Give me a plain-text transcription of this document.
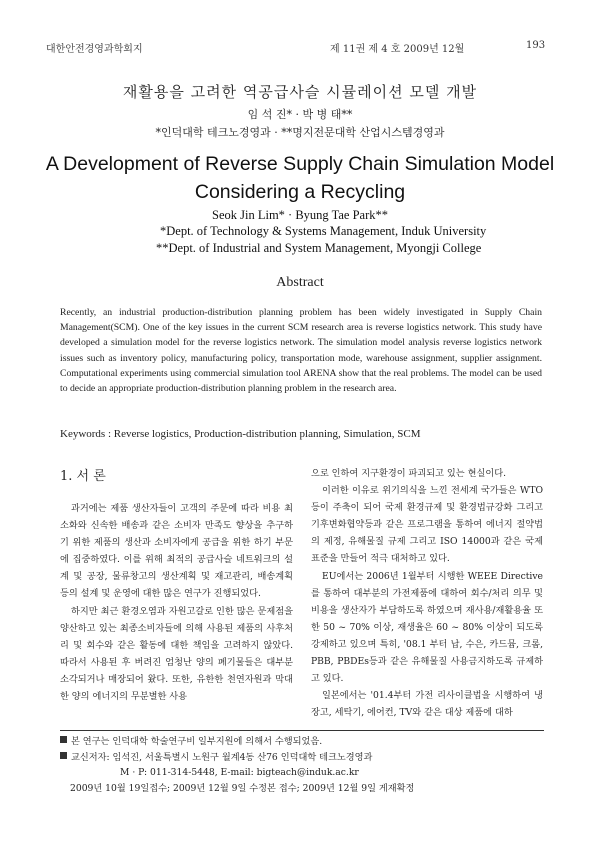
대한안전경영과학회지	제 11권 제 4 호 2009년 12월	193
재활용을 고려한 역공급사슬 시뮬레이션 모델 개발
임 석 진* · 박 병 태**
*인덕대학 테크노경영과 · **명지전문대학 산업시스템경영과
A Development of Reverse Supply Chain Simulation Model
Considering a Recycling
Seok Jin Lim* · Byung Tae Park**
*Dept. of Technology & Systems Management, Induk University
**Dept. of Industrial and System Management, Myongji College
Abstract
Recently, an industrial production-distribution planning problem has been widely investigated in Supply Chain Management(SCM). One of the key issues in the current SCM research area is reverse logistics network. This study have developed a simulation model for the reverse logistics network. The simulation model analysis reverse logistics network issues such as inventory policy, manufacturing policy, transportation mode, warehouse assignment, supplier assignment. Computational experiments using commercial simulation tool ARENA show that the real problems. The model can be used to decide an appropriate production-distribution planning problem in the research area.
Keywords : Reverse logistics, Production-distribution planning, Simulation, SCM
1. 서 론

과거에는 제품 생산자들이 고객의 주문에 따라 비용 최소화와 신속한 배송과 같은 소비자 만족도 향상을 추구하기 위한 제품의 생산과 소비자에게 공급을 위한 하기 부문에 집중하였다. 이를 위해 최적의 공급사슬 네트워크의 설계 및 공장, 물류창고의 생산계획 및 재고관리, 배송계획 등의 설계 및 운영에 대한 많은 연구가 진행되었다.

하지만 최근 환경오염과 자원고갈로 인한 많은 문제점을 양산하고 있는 최종소비자들에 의해 사용된 제품의 사후처리 및 회수와 같은 활동에 대한 책임을 고려하지 않았다. 따라서 사용된 후 버려진 엄청난 양의 폐기물들은 대부분 소각되거나 매장되어 왔다. 또한, 유한한 천연자원과 막대한 양의 에너지의 무분별한 사용

으로 인하여 지구환경이 파괴되고 있는 현실이다.

이러한 이유로 위기의식을 느낀 전세계 국가들은 WTO등이 주축이 되어 국제 환경규제 및 환경법규강화 그리고 기후변화협약등과 같은 프로그램을 통하여 에너지 절약법의 제정, 유해물질 규제 그리고 ISO 14000과 같은 국제표준을 만들어 적극 대처하고 있다.

EU에서는 2006년 1월부터 시행한 WEEE Directive를 통하여 대부분의 가전제품에 대하여 회수/처리 의무 및 비용을 생산자가 부담하도록 하였으며 재사용/재활용율 또한 50 ~ 70% 이상, 재생율은 60 ~ 80% 이상이 되도록 강제하고 있으며 특히, '08.1 부터 납, 수은, 카드뮴, 크롬, PBB, PBDEs등과 같은 유해물질 사용금지하도록 규제하고 있다.

일본에서는 '01.4부터 가전 리사이클법을 시행하여 냉장고, 세탁기, 에어컨, TV와 같은 대상 제품에 대하

본 연구는 인덕대학 학술연구비 일부지원에 의해서 수행되었음.
교신저자: 임석진, 서울특별시 노원구 월계4동 산76 인덕대학 테크노경영과
M · P: 011-314-5448, E-mail: bigteach@induk.ac.kr
2009년 10월 19일접수; 2009년 12월 9일 수정본 접수; 2009년 12월 9일 게재확정
